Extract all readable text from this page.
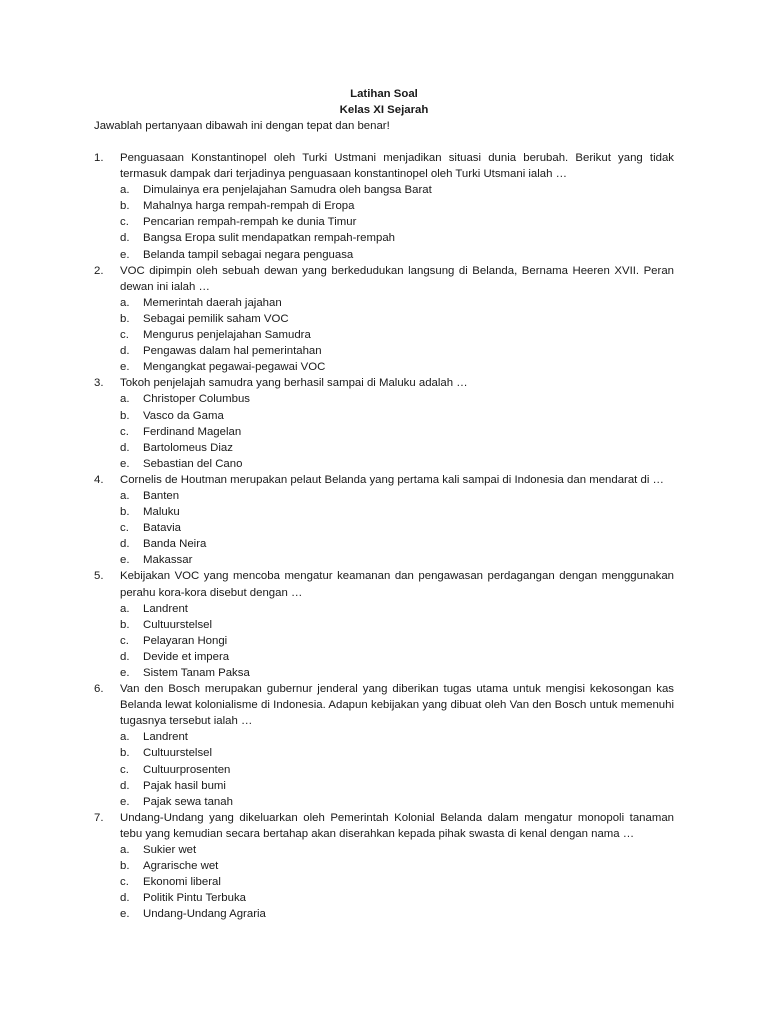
Latihan Soal

Kelas XI Sejarah

Jawablah pertanyaan dibawah ini dengan tepat dan benar!

1. Penguasaan Konstantinopel oleh Turki Ustmani menjadikan situasi dunia berubah. Berikut yang tidak termasuk dampak dari terjadinya penguasaan konstantinopel oleh Turki Utsmani ialah …

a. Dimulainya era penjelajahan Samudra oleh bangsa Barat
b. Mahalnya harga rempah-rempah di Eropa
c. Pencarian rempah-rempah ke dunia Timur
d. Bangsa Eropa sulit mendapatkan rempah-rempah
e. Belanda tampil sebagai negara penguasa
2. VOC dipimpin oleh sebuah dewan yang berkedudukan langsung di Belanda, Bernama Heeren XVII. Peran dewan ini ialah …

a. Memerintah daerah jajahan
b. Sebagai pemilik saham VOC
c. Mengurus penjelajahan Samudra
d. Pengawas dalam hal pemerintahan
e. Mengangkat pegawai-pegawai VOC
3. Tokoh penjelajah samudra yang berhasil sampai di Maluku adalah …

a. Christoper Columbus
b. Vasco da Gama
c. Ferdinand Magelan
d. Bartolomeus Diaz
e. Sebastian del Cano
4. Cornelis de Houtman merupakan pelaut Belanda yang pertama kali sampai di Indonesia dan mendarat di …

a. Banten
b. Maluku
c. Batavia
d. Banda Neira
e. Makassar
5. Kebijakan VOC yang mencoba mengatur keamanan dan pengawasan perdagangan dengan menggunakan perahu kora-kora disebut dengan …

a. Landrent
b. Cultuurstelsel
c. Pelayaran Hongi
d. Devide et impera
e. Sistem Tanam Paksa
6. Van den Bosch merupakan gubernur jenderal yang diberikan tugas utama untuk mengisi kekosongan kas Belanda lewat kolonialisme di Indonesia. Adapun kebijakan yang dibuat oleh Van den Bosch untuk memenuhi tugasnya tersebut ialah …

a. Landrent
b. Cultuurstelsel
c. Cultuurprosenten
d. Pajak hasil bumi
e. Pajak sewa tanah
7. Undang-Undang yang dikeluarkan oleh Pemerintah Kolonial Belanda dalam mengatur monopoli tanaman tebu yang kemudian secara bertahap akan diserahkan kepada pihak swasta di kenal dengan nama …

a. Sukier wet
b. Agrarische wet
c. Ekonomi liberal
d. Politik Pintu Terbuka
e. Undang-Undang Agraria
